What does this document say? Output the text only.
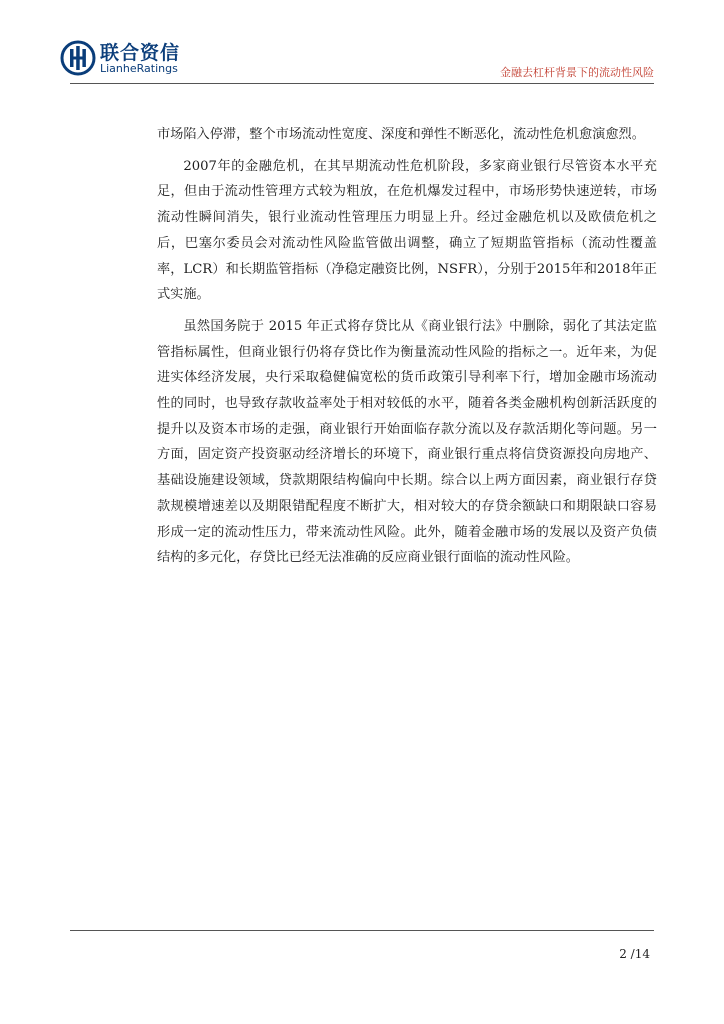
联合资信
LianheRatings	金融去杠杆背景下的流动性风险

市场陷入停滞，整个市场流动性宽度、深度和弹性不断恶化，流动性危机愈演愈烈。

2007年的金融危机，在其早期流动性危机阶段，多家商业银行尽管资本水平充足，但由于流动性管理方式较为粗放，在危机爆发过程中，市场形势快速逆转，市场流动性瞬间消失，银行业流动性管理压力明显上升。经过金融危机以及欧债危机之后，巴塞尔委员会对流动性风险监管做出调整，确立了短期监管指标（流动性覆盖率，LCR）和长期监管指标（净稳定融资比例，NSFR），分别于2015年和2018年正式实施。

虽然国务院于 2015 年正式将存贷比从《商业银行法》中删除，弱化了其法定监管指标属性，但商业银行仍将存贷比作为衡量流动性风险的指标之一。近年来，为促进实体经济发展，央行采取稳健偏宽松的货币政策引导利率下行，增加金融市场流动性的同时，也导致存款收益率处于相对较低的水平，随着各类金融机构创新活跃度的提升以及资本市场的走强，商业银行开始面临存款分流以及存款活期化等问题。另一方面，固定资产投资驱动经济增长的环境下，商业银行重点将信贷资源投向房地产、基础设施建设领域，贷款期限结构偏向中长期。综合以上两方面因素，商业银行存贷款规模增速差以及期限错配程度不断扩大，相对较大的存贷余额缺口和期限缺口容易形成一定的流动性压力，带来流动性风险。此外，随着金融市场的发展以及资产负债结构的多元化，存贷比已经无法准确的反应商业银行面临的流动性风险。

2 /14
